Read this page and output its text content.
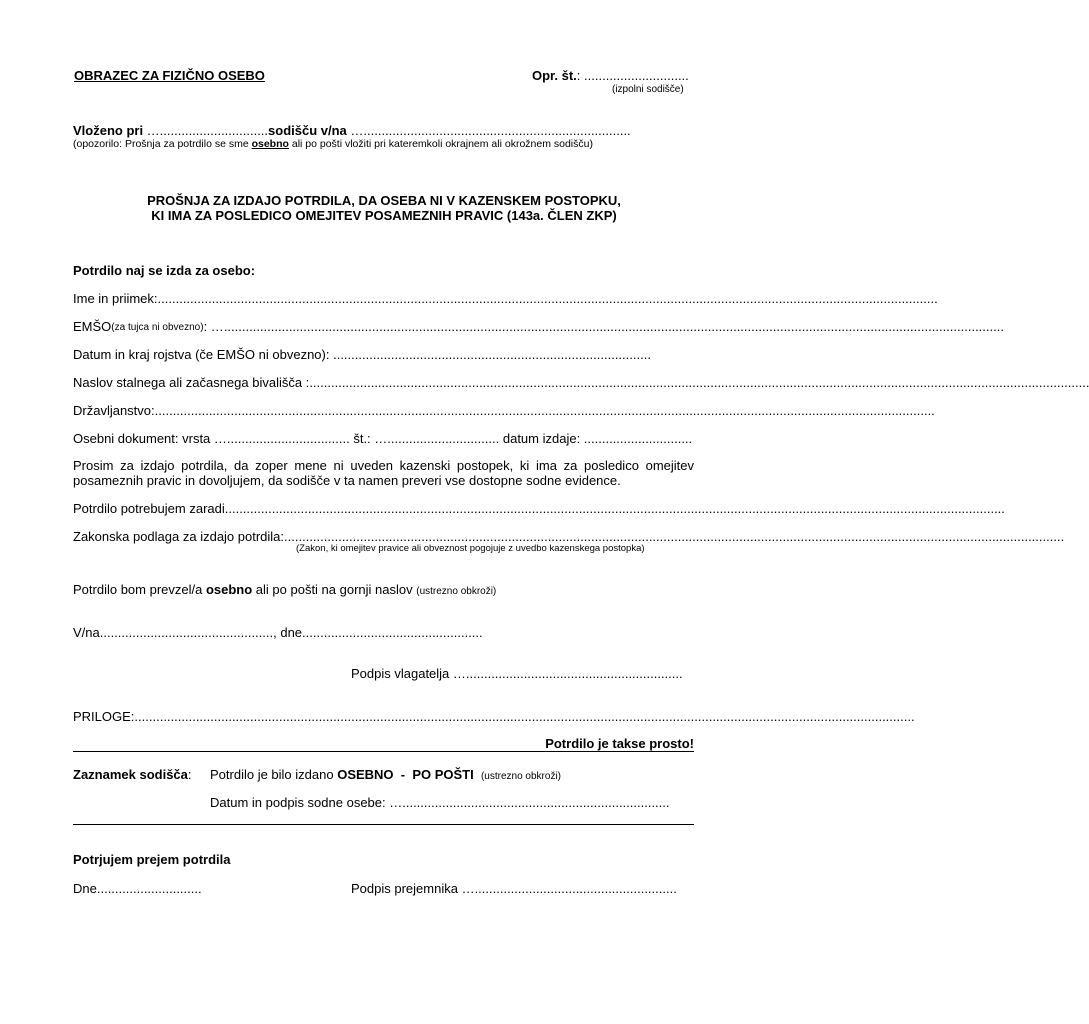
OBRAZEC ZA FIZIČNO OSEBO	Opr. št.: .............................
(izpolni sodišče)
Vloženo pri …..............................sodišču v/na …..........................................................................
(opozorilo: Prošnja za potrdilo se sme osebno ali po pošti vložiti pri kateremkoli okrajnem ali okrožnem sodišču)
PROŠNJA ZA IZDAJO POTRDILA, DA OSEBA NI V KAZENSKEM POSTOPKU,
KI IMA ZA POSLEDICO OMEJITEV POSAMEZNIH PRAVIC (143a. ČLEN ZKP)
Potrdilo naj se izda za osebo:
Ime in priimek: ........................................................................................................................................................................................................................
EMŠO (za tujca ni obvezno) : … ........................................................................................................................................................................................................................
Datum in kraj rojstva (če EMŠO ni obvezno): ........................................................................................
Naslov stalnega ali začasnega bivališča : ........................................................................................................................................................................................................................
Državljanstvo: ........................................................................................................................................................................................................................
Osebni dokument: vrsta ….................................. št.: …............................... datum izdaje: ..............................
Prosim za izdajo potrdila, da zoper mene ni uveden kazenski postopek, ki ima za posledico omejitev posameznih pravic in dovoljujem, da sodišče v ta namen preveri vse dostopne sodne evidence.
Potrdilo potrebujem zaradi ........................................................................................................................................................................................................................
Zakonska podlaga za izdajo potrdila: ........................................................................................................................................................................................................................
(Zakon, ki omejitev pravice ali obveznost pogojuje z uvedbo kazenskega postopka)
Potrdilo bom prevzel/a osebno ali po pošti na gornji naslov (ustrezno obkroži)
V/na................................................, dne..................................................
Podpis vlagatelja …............................................................
PRILOGE: ........................................................................................................................................................................................................................
Potrdilo je takse prosto!
Zaznamek sodišča: Potrdilo je bilo izdano OSEBNO  -  PO POŠTI (ustrezno obkroži)
Datum in podpis sodne osebe: …..........................................................................
Potrjujem prejem potrdila
Dne.............................	Podpis prejemnika …........................................................
